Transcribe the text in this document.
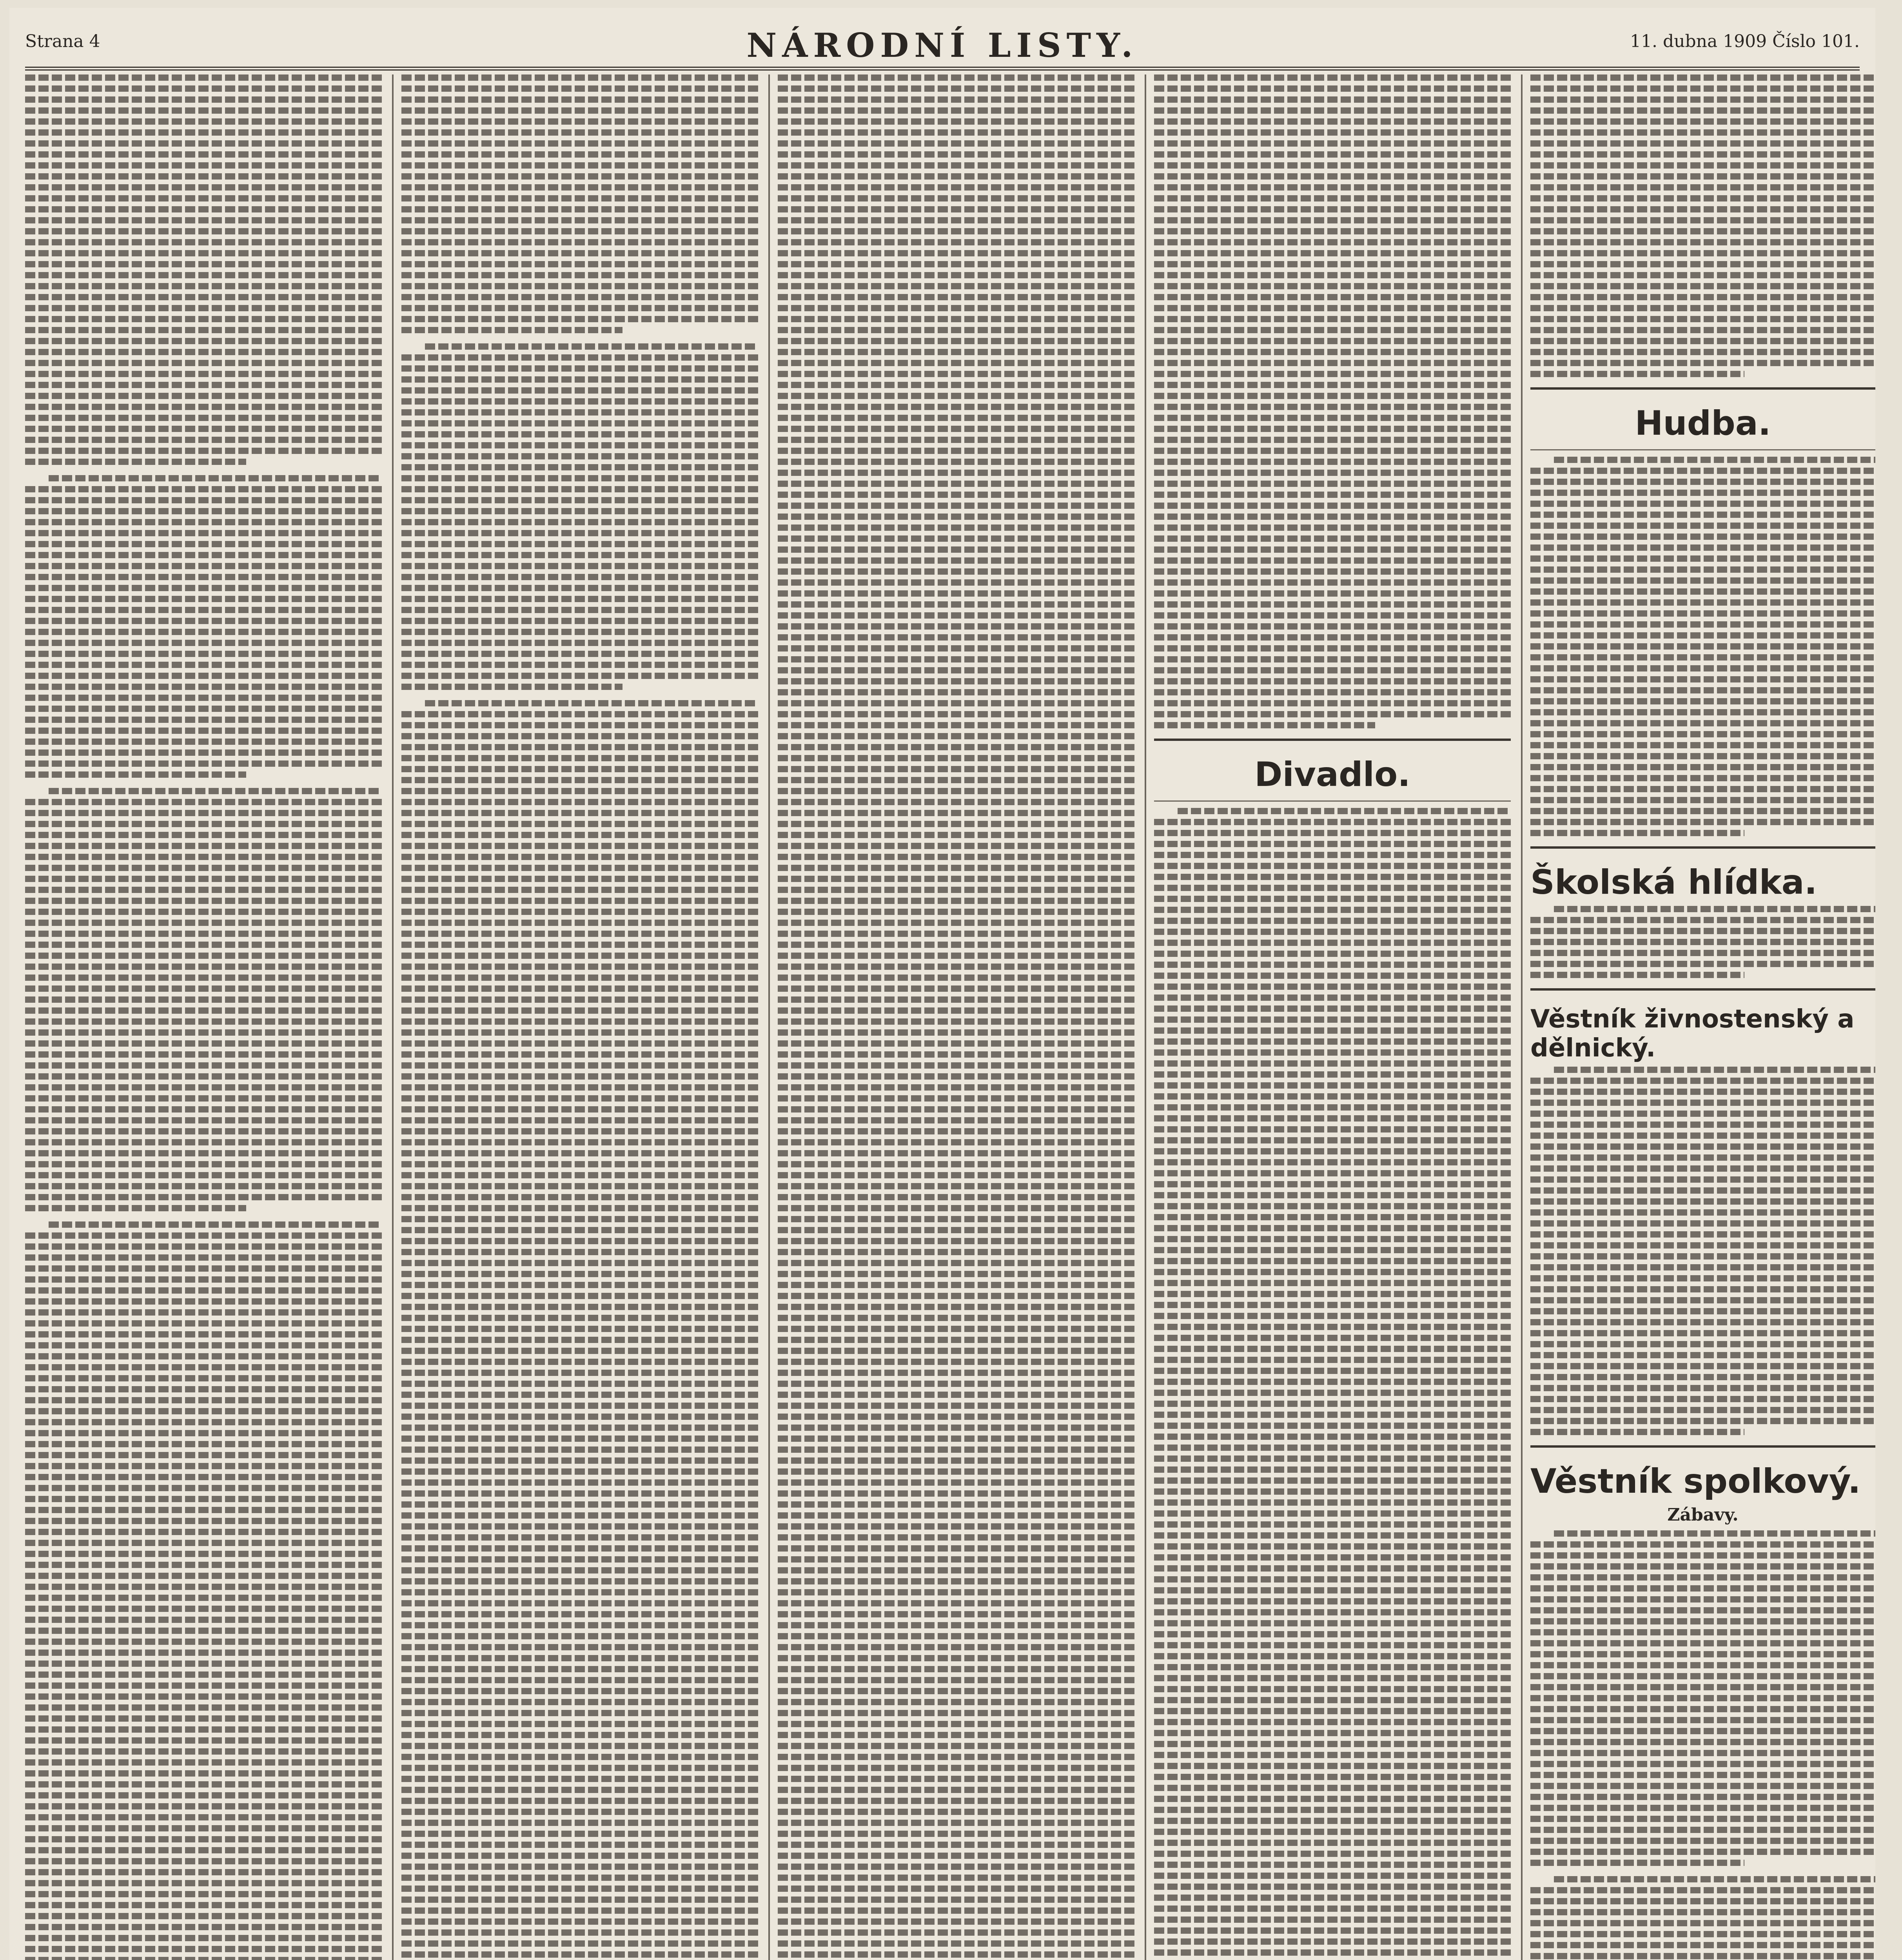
Strana 4	NÁRODNÍ LISTY.	11. dubna 1909 Číslo 101.
Divadlo.
Hudba.
Školská hlídka.
Věstník živnostenský a dělnický.
Věstník spolkový.
Zábavy.
